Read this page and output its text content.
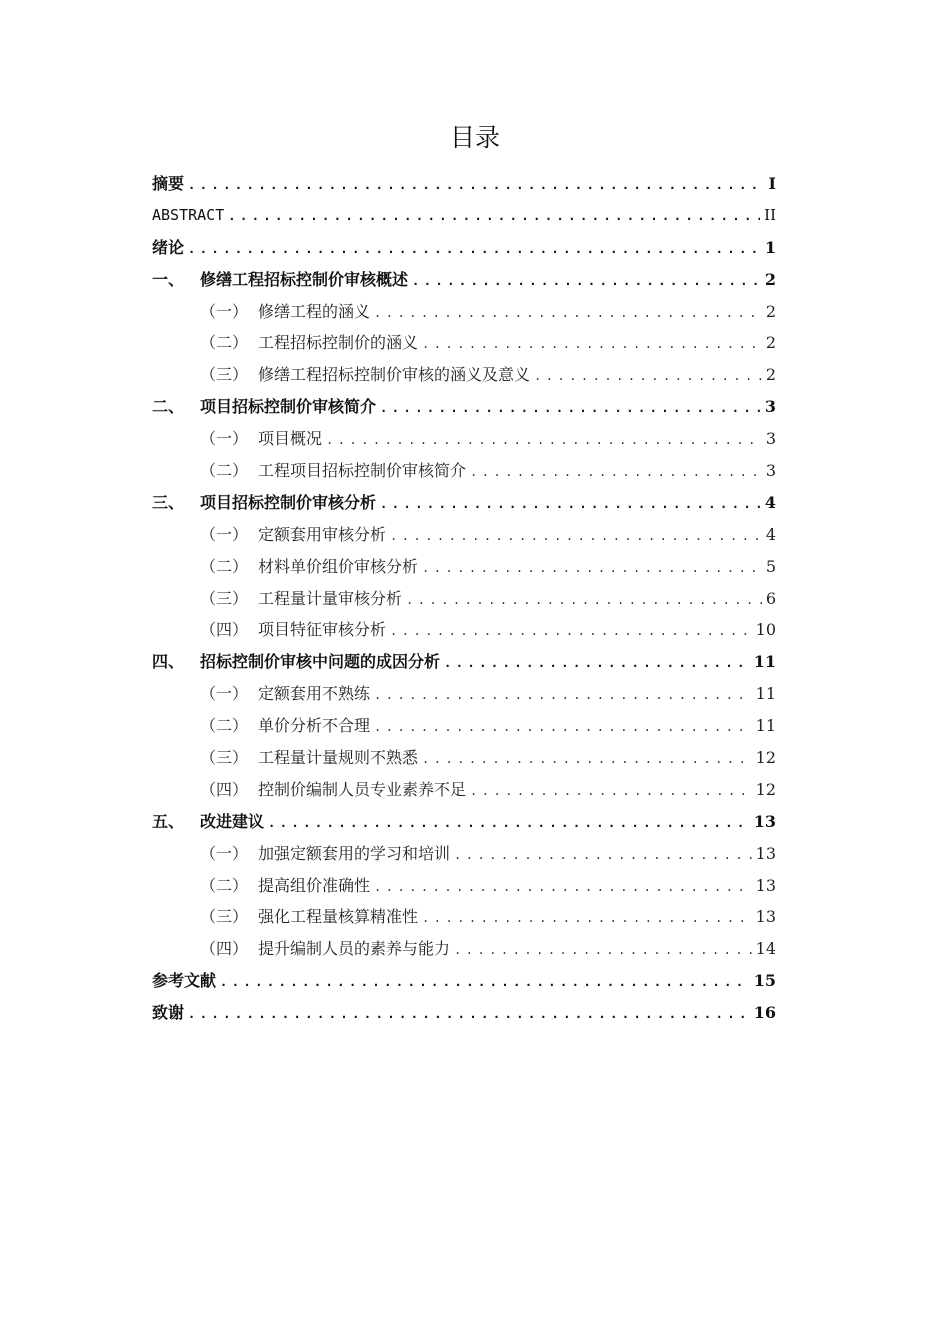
目录
摘要 .....	I
ABSTRACT .....	II
绪论 .....	1
一、 修缮工程招标控制价审核概述 .....	2
（一） 修缮工程的涵义 .....	2
（二） 工程招标控制价的涵义 .....	2
（三） 修缮工程招标控制价审核的涵义及意义 .....	2
二、 项目招标控制价审核简介 .....	3
（一） 项目概况 .....	3
（二） 工程项目招标控制价审核简介 .....	3
三、 项目招标控制价审核分析 .....	4
（一） 定额套用审核分析 .....	4
（二） 材料单价组价审核分析 .....	5
（三） 工程量计量审核分析 .....	6
（四） 项目特征审核分析 .....	10
四、 招标控制价审核中问题的成因分析 .....	11
（一） 定额套用不熟练 .....	11
（二） 单价分析不合理 .....	11
（三） 工程量计量规则不熟悉 .....	12
（四） 控制价编制人员专业素养不足 .....	12
五、 改进建议 .....	13
（一） 加强定额套用的学习和培训 .....	13
（二） 提高组价准确性 .....	13
（三） 强化工程量核算精准性 .....	13
（四） 提升编制人员的素养与能力 .....	14
参考文献 .....	15
致谢 .....	16
